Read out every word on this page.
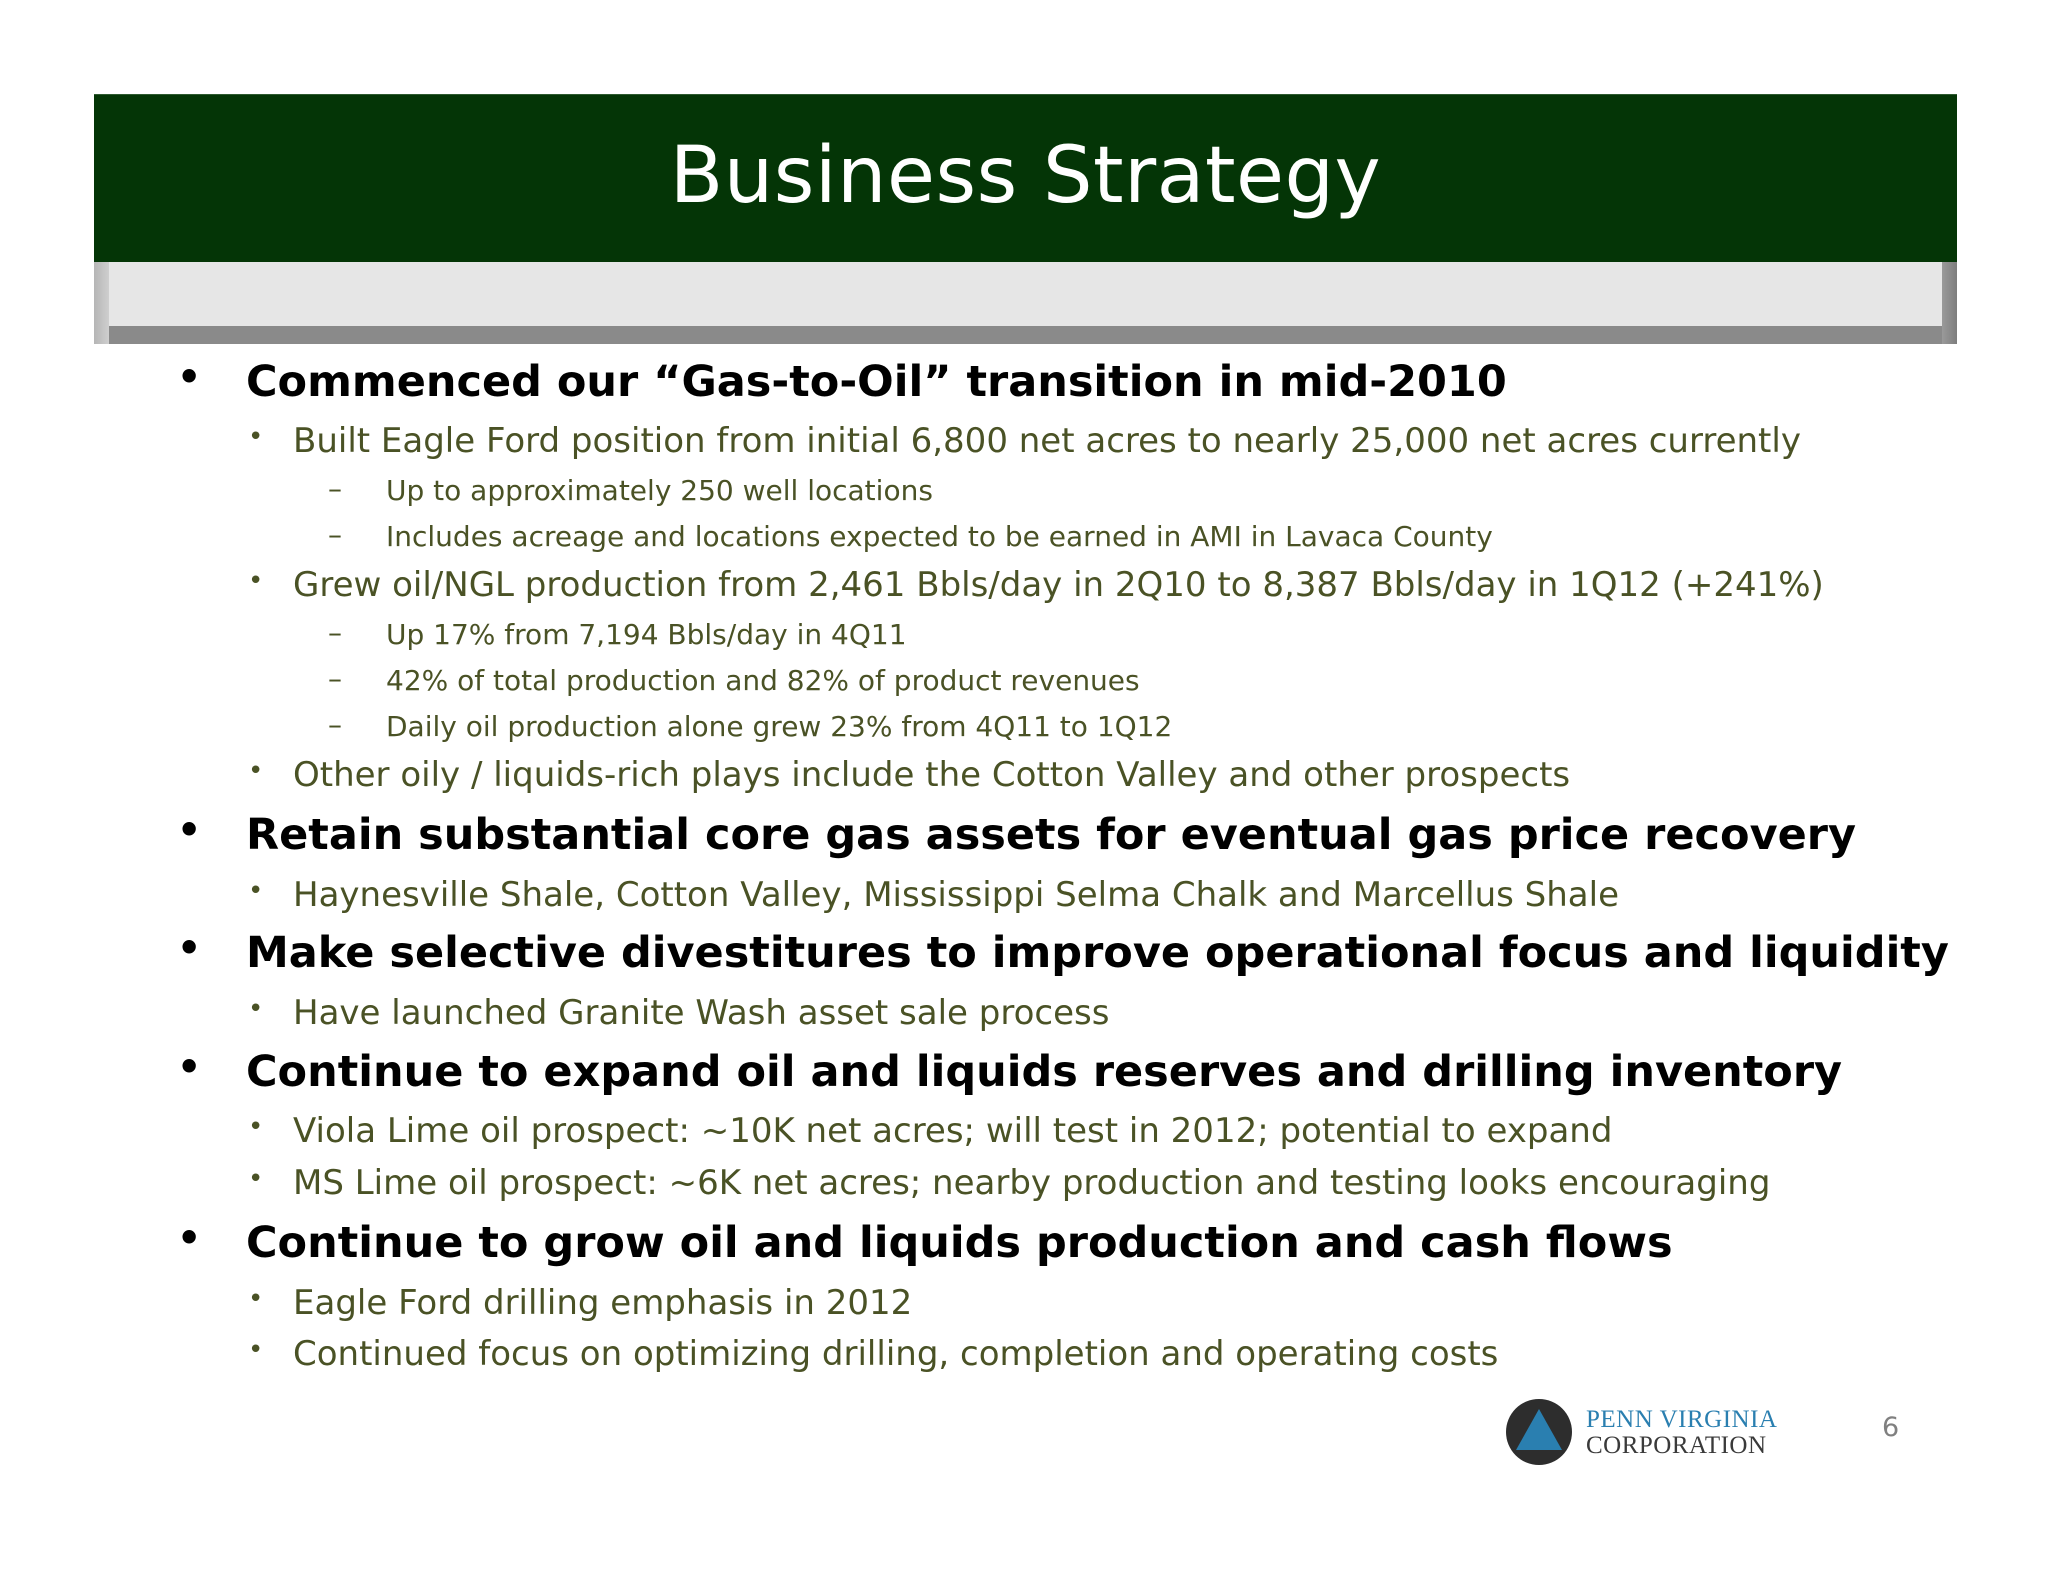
Business Strategy
• Commenced our “Gas-to-Oil” transition in mid-2010
• Built Eagle Ford position from initial 6,800 net acres to nearly 25,000 net acres currently
– Up to approximately 250 well locations
– Includes acreage and locations expected to be earned in AMI in Lavaca County
• Grew oil/NGL production from 2,461 Bbls/day in 2Q10 to 8,387 Bbls/day in 1Q12 (+241%)
– Up 17% from 7,194 Bbls/day in 4Q11
– 42% of total production and 82% of product revenues
– Daily oil production alone grew 23% from 4Q11 to 1Q12
• Other oily / liquids-rich plays include the Cotton Valley and other prospects
• Retain substantial core gas assets for eventual gas price recovery
• Haynesville Shale, Cotton Valley, Mississippi Selma Chalk and Marcellus Shale
• Make selective divestitures to improve operational focus and liquidity
• Have launched Granite Wash asset sale process
• Continue to expand oil and liquids reserves and drilling inventory
• Viola Lime oil prospect: ~10K net acres; will test in 2012; potential to expand
• MS Lime oil prospect: ~6K net acres; nearby production and testing looks encouraging
• Continue to grow oil and liquids production and cash flows
• Eagle Ford drilling emphasis in 2012
• Continued focus on optimizing drilling, completion and operating costs
PENN VIRGINIA
CORPORATION
6
